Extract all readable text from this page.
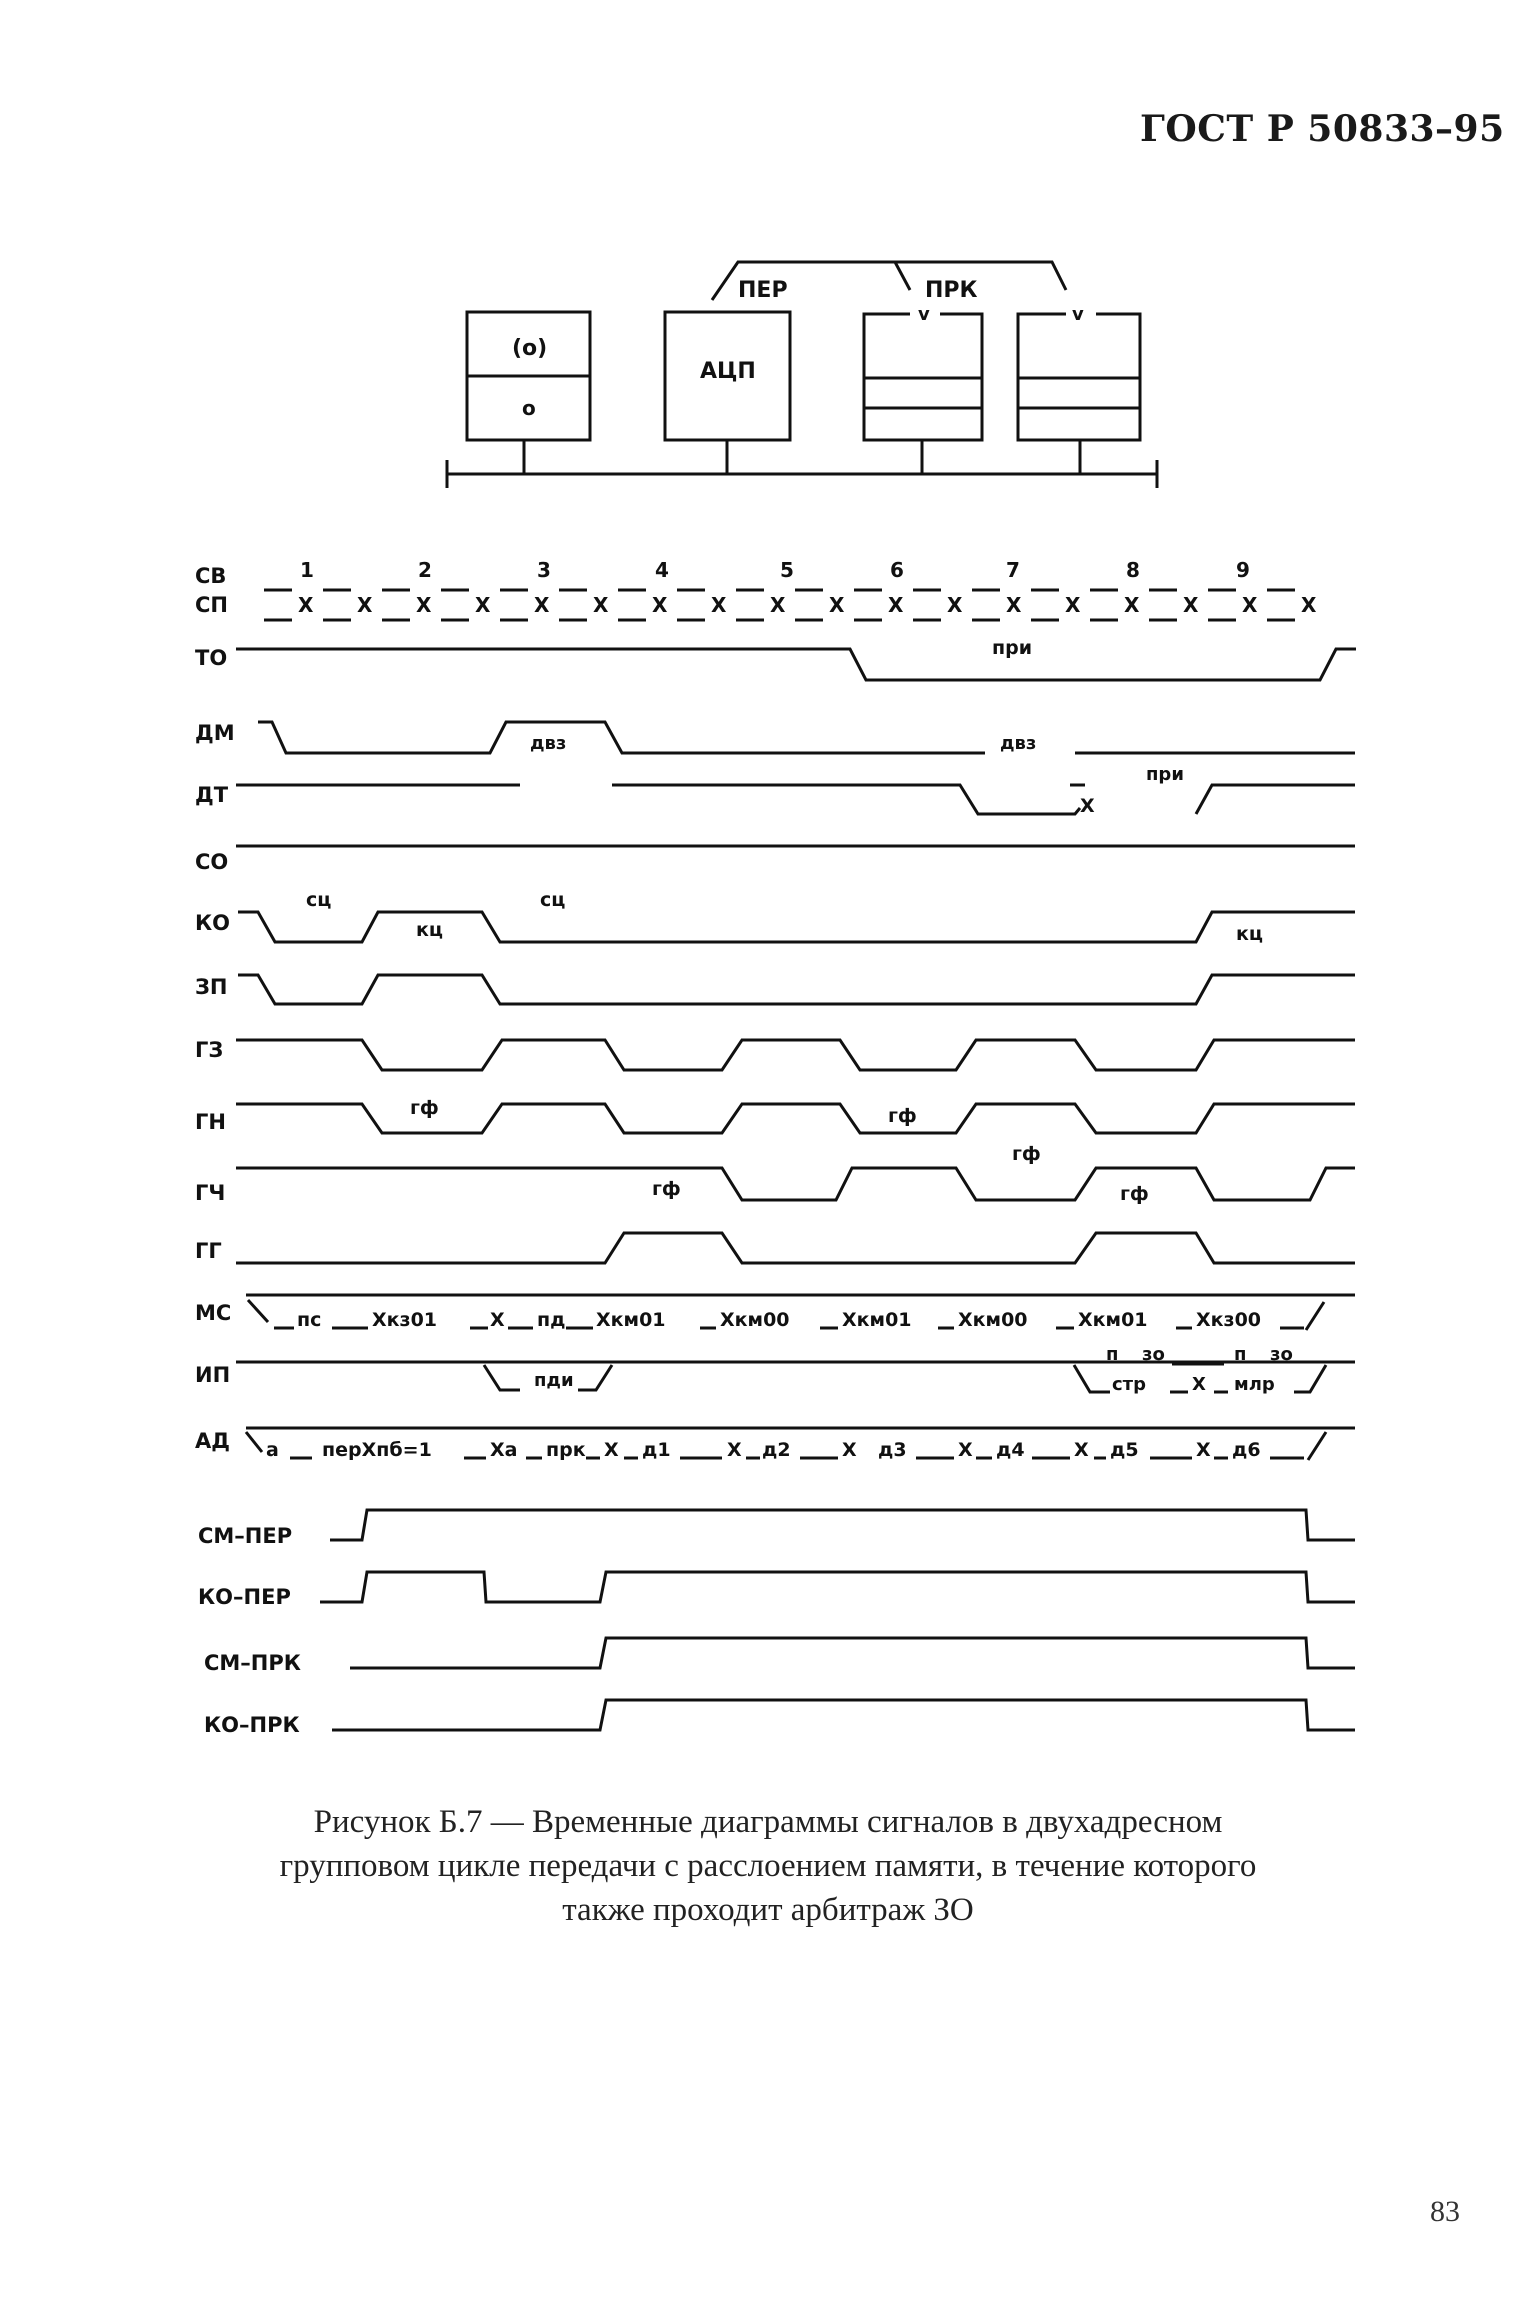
ГОСТ Р 50833–95
ПЕР	ПРК
(о)
о
АЦП
v	v
СВ
СП
ТО
ДМ
ДТ
СО
КО
ЗП
ГЗ
ГН
ГЧ
ГГ
МС
ИП
АД
СМ–ПЕР
КО–ПЕР
СМ–ПРК
КО–ПРК
1	2	3	4	5	6	7	8	9
Х Х Х Х Х Х Х Х Х Х Х Х Х Х Х Х Х Х
при
двз	двз
Х
при
сц
кц
сц
кц
гф	гф
гф
гф
гф
пс	Хкз01	Х пд Хкм01	Хкм00	Хкм01 Хкм00	Хкм01	Хкз00
пди
п зо	п зо
стр	Х млр
а перХпб=1	Ха прк Х д1	Х д2	Х д3	Х д4	Х д5	Х д6
Рисунок Б.7 — Временные диаграммы сигналов в двухадресном
групповом цикле передачи с расслоением памяти, в течение которого
также проходит арбитраж ЗО
83
